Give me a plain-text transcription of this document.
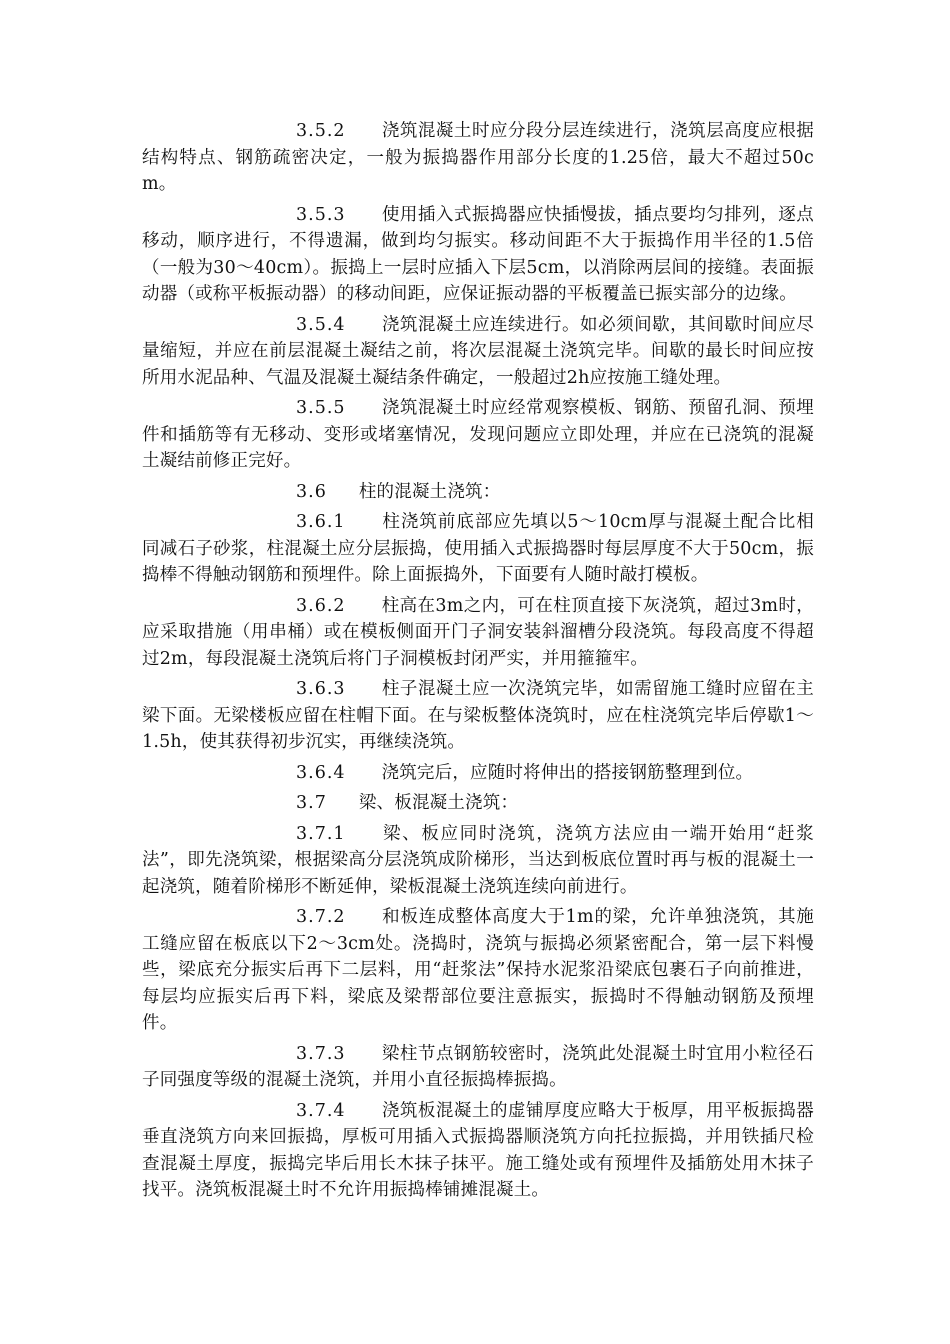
3.5.2 浇筑混凝土时应分段分层连续进行，浇筑层高度应根据结构特点、钢筋疏密决定，一般为振捣器作用部分长度的1.25倍，最大不超过50cm。

3.5.3 使用插入式振捣器应快插慢拔，插点要均匀排列，逐点移动，顺序进行，不得遗漏，做到均匀振实。移动间距不大于振捣作用半径的1.5倍（一般为30～40cm）。振捣上一层时应插入下层5cm，以消除两层间的接缝。表面振动器（或称平板振动器）的移动间距，应保证振动器的平板覆盖已振实部分的边缘。

3.5.4 浇筑混凝土应连续进行。如必须间歇，其间歇时间应尽量缩短，并应在前层混凝土凝结之前，将次层混凝土浇筑完毕。间歇的最长时间应按所用水泥品种、气温及混凝土凝结条件确定，一般超过2h应按施工缝处理。

3.5.5 浇筑混凝土时应经常观察模板、钢筋、预留孔洞、预埋件和插筋等有无移动、变形或堵塞情况，发现问题应立即处理，并应在已浇筑的混凝土凝结前修正完好。

3.6 柱的混凝土浇筑：

3.6.1 柱浇筑前底部应先填以5～10cm厚与混凝土配合比相同减石子砂浆，柱混凝土应分层振捣，使用插入式振捣器时每层厚度不大于50cm，振捣棒不得触动钢筋和预埋件。除上面振捣外，下面要有人随时敲打模板。

3.6.2 柱高在3m之内，可在柱顶直接下灰浇筑，超过3m时，应采取措施（用串桶）或在模板侧面开门子洞安装斜溜槽分段浇筑。每段高度不得超过2m，每段混凝土浇筑后将门子洞模板封闭严实，并用箍箍牢。

3.6.3 柱子混凝土应一次浇筑完毕，如需留施工缝时应留在主梁下面。无梁楼板应留在柱帽下面。在与梁板整体浇筑时，应在柱浇筑完毕后停歇1～1.5h，使其获得初步沉实，再继续浇筑。

3.6.4 浇筑完后，应随时将伸出的搭接钢筋整理到位。

3.7 梁、板混凝土浇筑：

3.7.1 梁、板应同时浇筑，浇筑方法应由一端开始用“赶浆法”，即先浇筑梁，根据梁高分层浇筑成阶梯形，当达到板底位置时再与板的混凝土一起浇筑，随着阶梯形不断延伸，梁板混凝土浇筑连续向前进行。

3.7.2 和板连成整体高度大于1m的梁，允许单独浇筑，其施工缝应留在板底以下2～3cm处。浇捣时，浇筑与振捣必须紧密配合，第一层下料慢些，梁底充分振实后再下二层料，用“赶浆法”保持水泥浆沿梁底包裹石子向前推进，每层均应振实后再下料，梁底及梁帮部位要注意振实，振捣时不得触动钢筋及预埋件。

3.7.3 梁柱节点钢筋较密时，浇筑此处混凝土时宜用小粒径石子同强度等级的混凝土浇筑，并用小直径振捣棒振捣。

3.7.4 浇筑板混凝土的虚铺厚度应略大于板厚，用平板振捣器垂直浇筑方向来回振捣，厚板可用插入式振捣器顺浇筑方向托拉振捣，并用铁插尺检查混凝土厚度，振捣完毕后用长木抹子抹平。施工缝处或有预埋件及插筋处用木抹子找平。浇筑板混凝土时不允许用振捣棒铺摊混凝土。
